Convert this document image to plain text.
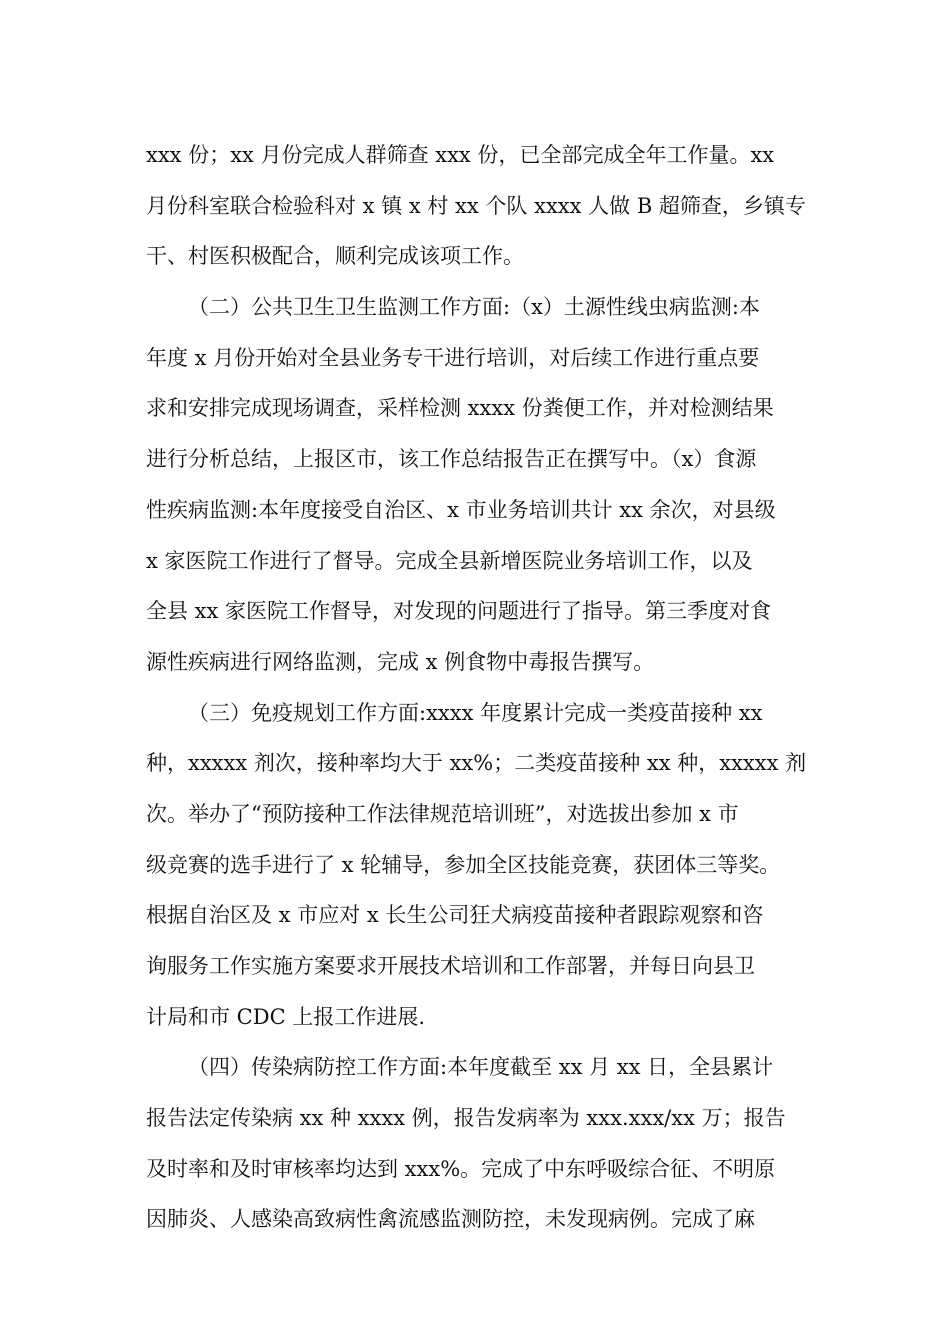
xxx 份；xx 月份完成人群筛查 xxx 份，已全部完成全年工作量。xx
月份科室联合检验科对 x 镇 x 村 xx 个队 xxxx 人做 B 超筛查，乡镇专
干、村医积极配合，顺利完成该项工作。
（二）公共卫生卫生监测工作方面:（x）土源性线虫病监测:本
年度 x 月份开始对全县业务专干进行培训，对后续工作进行重点要
求和安排完成现场调查，采样检测 xxxx 份粪便工作，并对检测结果
进行分析总结，上报区市，该工作总结报告正在撰写中。（x）食源
性疾病监测:本年度接受自治区、x 市业务培训共计 xx 余次，对县级
x 家医院工作进行了督导。完成全县新增医院业务培训工作，以及
全县 xx 家医院工作督导，对发现的问题进行了指导。第三季度对食
源性疾病进行网络监测，完成 x 例食物中毒报告撰写。
（三）免疫规划工作方面:xxxx 年度累计完成一类疫苗接种 xx
种，xxxxx 剂次，接种率均大于 xx%；二类疫苗接种 xx 种，xxxxx 剂
次。举办了“预防接种工作法律规范培训班”，对选拔出参加 x 市
级竞赛的选手进行了 x 轮辅导，参加全区技能竞赛，获团体三等奖。
根据自治区及 x 市应对 x 长生公司狂犬病疫苗接种者跟踪观察和咨
询服务工作实施方案要求开展技术培训和工作部署，并每日向县卫
计局和市 CDC 上报工作进展.
（四）传染病防控工作方面:本年度截至 xx 月 xx 日，全县累计
报告法定传染病 xx 种 xxxx 例，报告发病率为 xxx.xxx/xx 万；报告
及时率和及时审核率均达到 xxx%。完成了中东呼吸综合征、不明原
因肺炎、人感染高致病性禽流感监测防控，未发现病例。完成了麻
